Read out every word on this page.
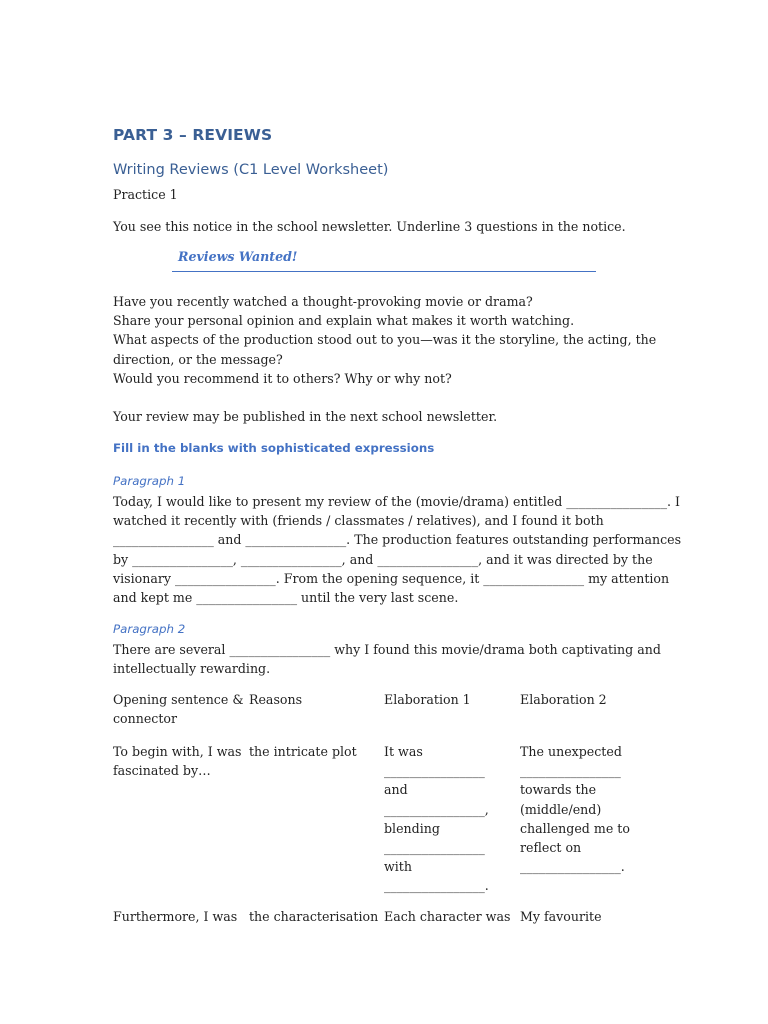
PART 3 – REVIEWS
Writing Reviews (C1 Level Worksheet)

Practice 1

You see this notice in the school newsletter. Underline 3 questions in the notice.

Reviews Wanted!
Have you recently watched a thought-provoking movie or drama?
Share your personal opinion and explain what makes it worth watching.
What aspects of the production stood out to you—was it the storyline, the acting, the
direction, or the message?
Would you recommend it to others? Why or why not?

Your review may be published in the next school newsletter.

Fill in the blanks with sophisticated expressions
Paragraph 1
Today, I would like to present my review of the (movie/drama) entitled ________________. I
watched it recently with (friends / classmates / relatives), and I found it both
________________ and ________________. The production features outstanding performances
by ________________, ________________, and ________________, and it was directed by the
visionary ________________. From the opening sequence, it ________________ my attention
and kept me ________________ until the very last scene.
Paragraph 2
There are several ________________ why I found this movie/drama both captivating and
intellectually rewarding.
Opening sentence &
connector
Reasons	Elaboration 1	Elaboration 2
To begin with, I was
fascinated by…
the intricate plot It was
________________
and
________________,
blending
________________
with
________________.
The unexpected
________________
towards the
(middle/end)
challenged me to
reflect on
________________.
Furthermore, I was the characterisation Each character was My favourite
